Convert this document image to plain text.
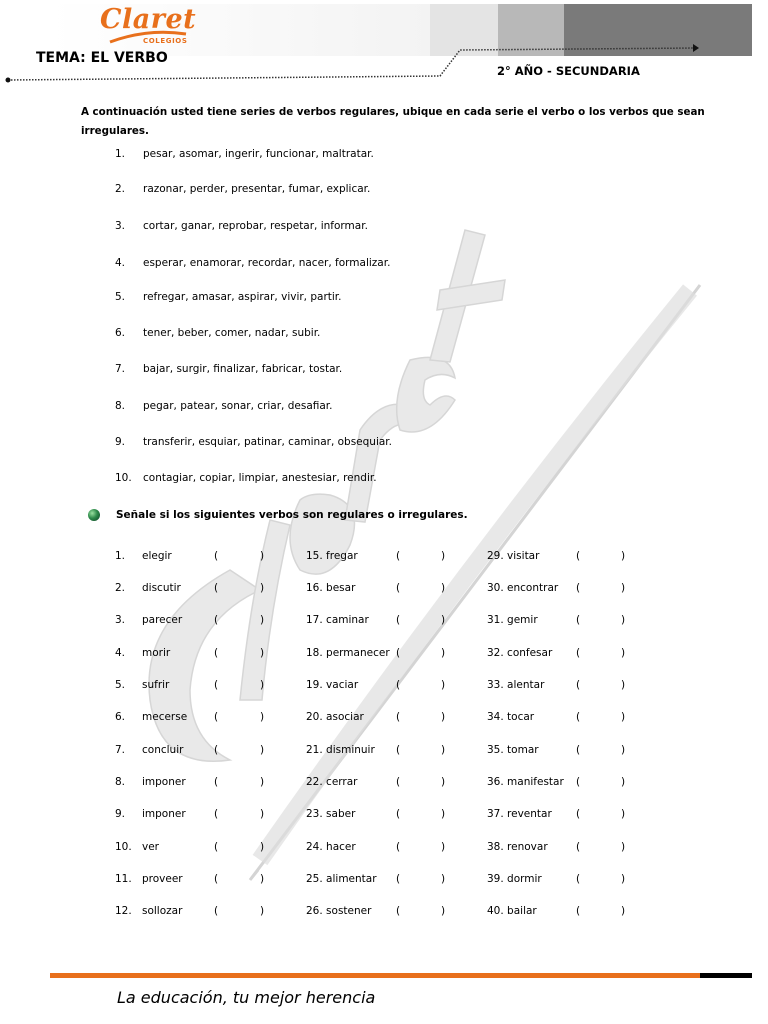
Claret
COLEGIOS
TEMA: EL VERBO
2° AÑO - SECUNDARIA
A continuación usted tiene series de verbos regulares, ubique en cada serie el verbo o los verbos que sean irregulares.
1. pesar, asomar, ingerir, funcionar, maltratar.
2. razonar, perder, presentar, fumar, explicar.
3. cortar, ganar, reprobar, respetar, informar.
4. esperar, enamorar, recordar, nacer, formalizar.
5. refregar, amasar, aspirar, vivir, partir.
6. tener, beber, comer, nadar, subir.
7. bajar, surgir, finalizar, fabricar, tostar.
8. pegar, patear, sonar, criar, desafiar.
9. transferir, esquiar, patinar, caminar, obsequiar.
10. contagiar, copiar, limpiar, anestesiar, rendir.
Señale si los siguientes verbos son regulares o irregulares.
1. elegir	(	)
2. discutir	(	)
3. parecer	(	)
4. morir	(	)
5. sufrir	(	)
6. mecerse	(	)
7. concluir	(	)
8. imponer	(	)
9. imponer	(	)
10. ver	(	)
11. proveer	(	)
12. sollozar	(	)
15. fregar	(	)
16. besar	(	)
17. caminar	(	)
18. permanecer (	)
19. vaciar	(	)
20. asociar	(	)
21. disminuir (	)
22. cerrar	(	)
23. saber	(	)
24. hacer	(	)
25. alimentar (	)
26. sostener (	)
29. visitar	(	)
30. encontrar (	)
31. gemir	(	)
32. confesar (	)
33. alentar	(	)
34. tocar	(	)
35. tomar	(	)
36. manifestar (	)
37. reventar (	)
38. renovar	(	)
39. dormir	(	)
40. bailar	(	)
La educación, tu mejor herencia
